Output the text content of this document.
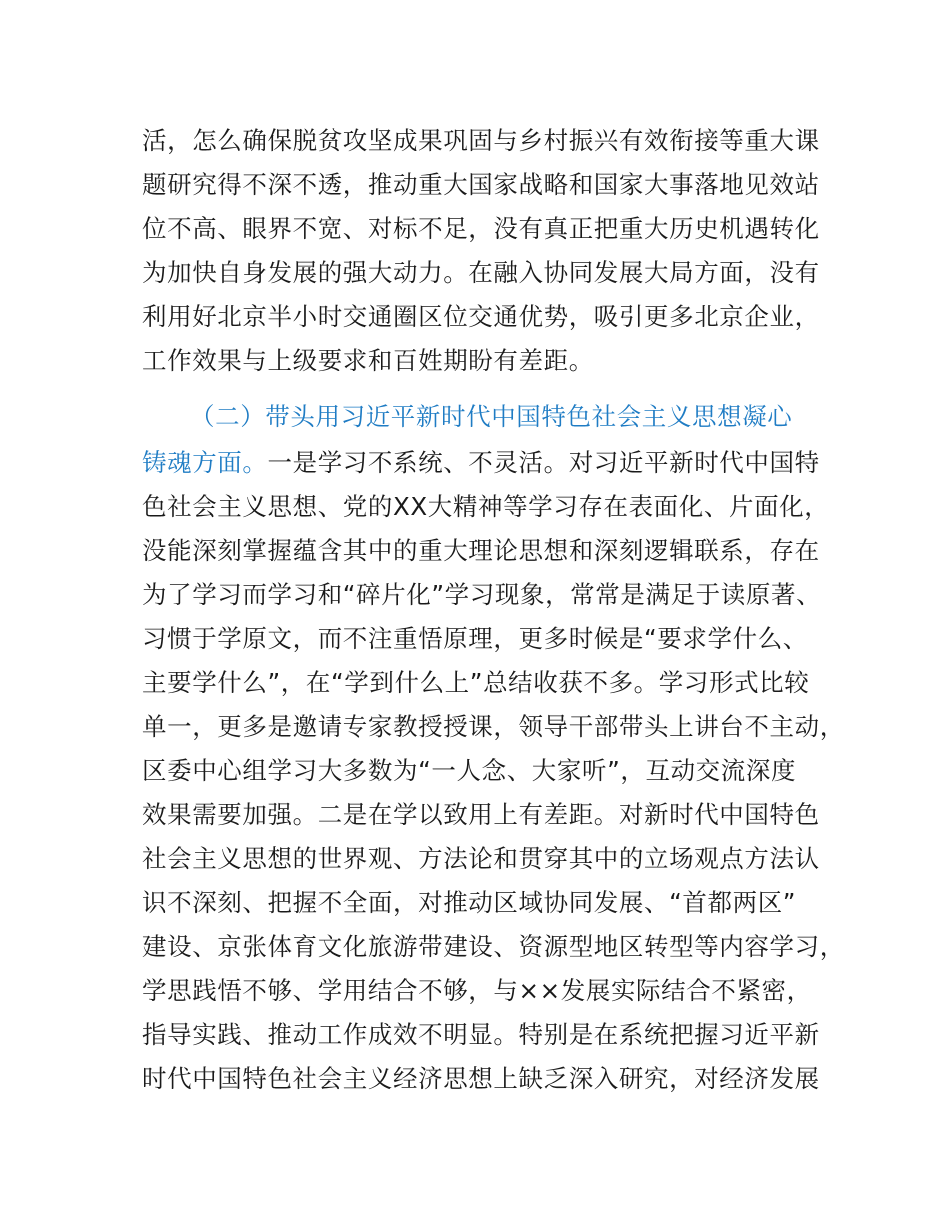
活，怎么确保脱贫攻坚成果巩固与乡村振兴有效衔接等重大课

题研究得不深不透，推动重大国家战略和国家大事落地见效站

位不高、眼界不宽、对标不足，没有真正把重大历史机遇转化

为加快自身发展的强大动力。在融入协同发展大局方面，没有

利用好北京半小时交通圈区位交通优势，吸引更多北京企业，

工作效果与上级要求和百姓期盼有差距。

（二）带头用习近平新时代中国特色社会主义思想凝心

铸魂方面。一是学习不系统、不灵活。对习近平新时代中国特

色社会主义思想、党的XX大精神等学习存在表面化、片面化，

没能深刻掌握蕴含其中的重大理论思想和深刻逻辑联系，存在

为了学习而学习和“碎片化”学习现象，常常是满足于读原著、

习惯于学原文，而不注重悟原理，更多时候是“要求学什么、

主要学什么”，在“学到什么上”总结收获不多。学习形式比较

单一，更多是邀请专家教授授课，领导干部带头上讲台不主动，

区委中心组学习大多数为“一人念、大家听”，互动交流深度

效果需要加强。二是在学以致用上有差距。对新时代中国特色

社会主义思想的世界观、方法论和贯穿其中的立场观点方法认

识不深刻、把握不全面，对推动区域协同发展、“首都两区”

建设、京张体育文化旅游带建设、资源型地区转型等内容学习，

学思践悟不够、学用结合不够，与××发展实际结合不紧密，

指导实践、推动工作成效不明显。特别是在系统把握习近平新

时代中国特色社会主义经济思想上缺乏深入研究，对经济发展
